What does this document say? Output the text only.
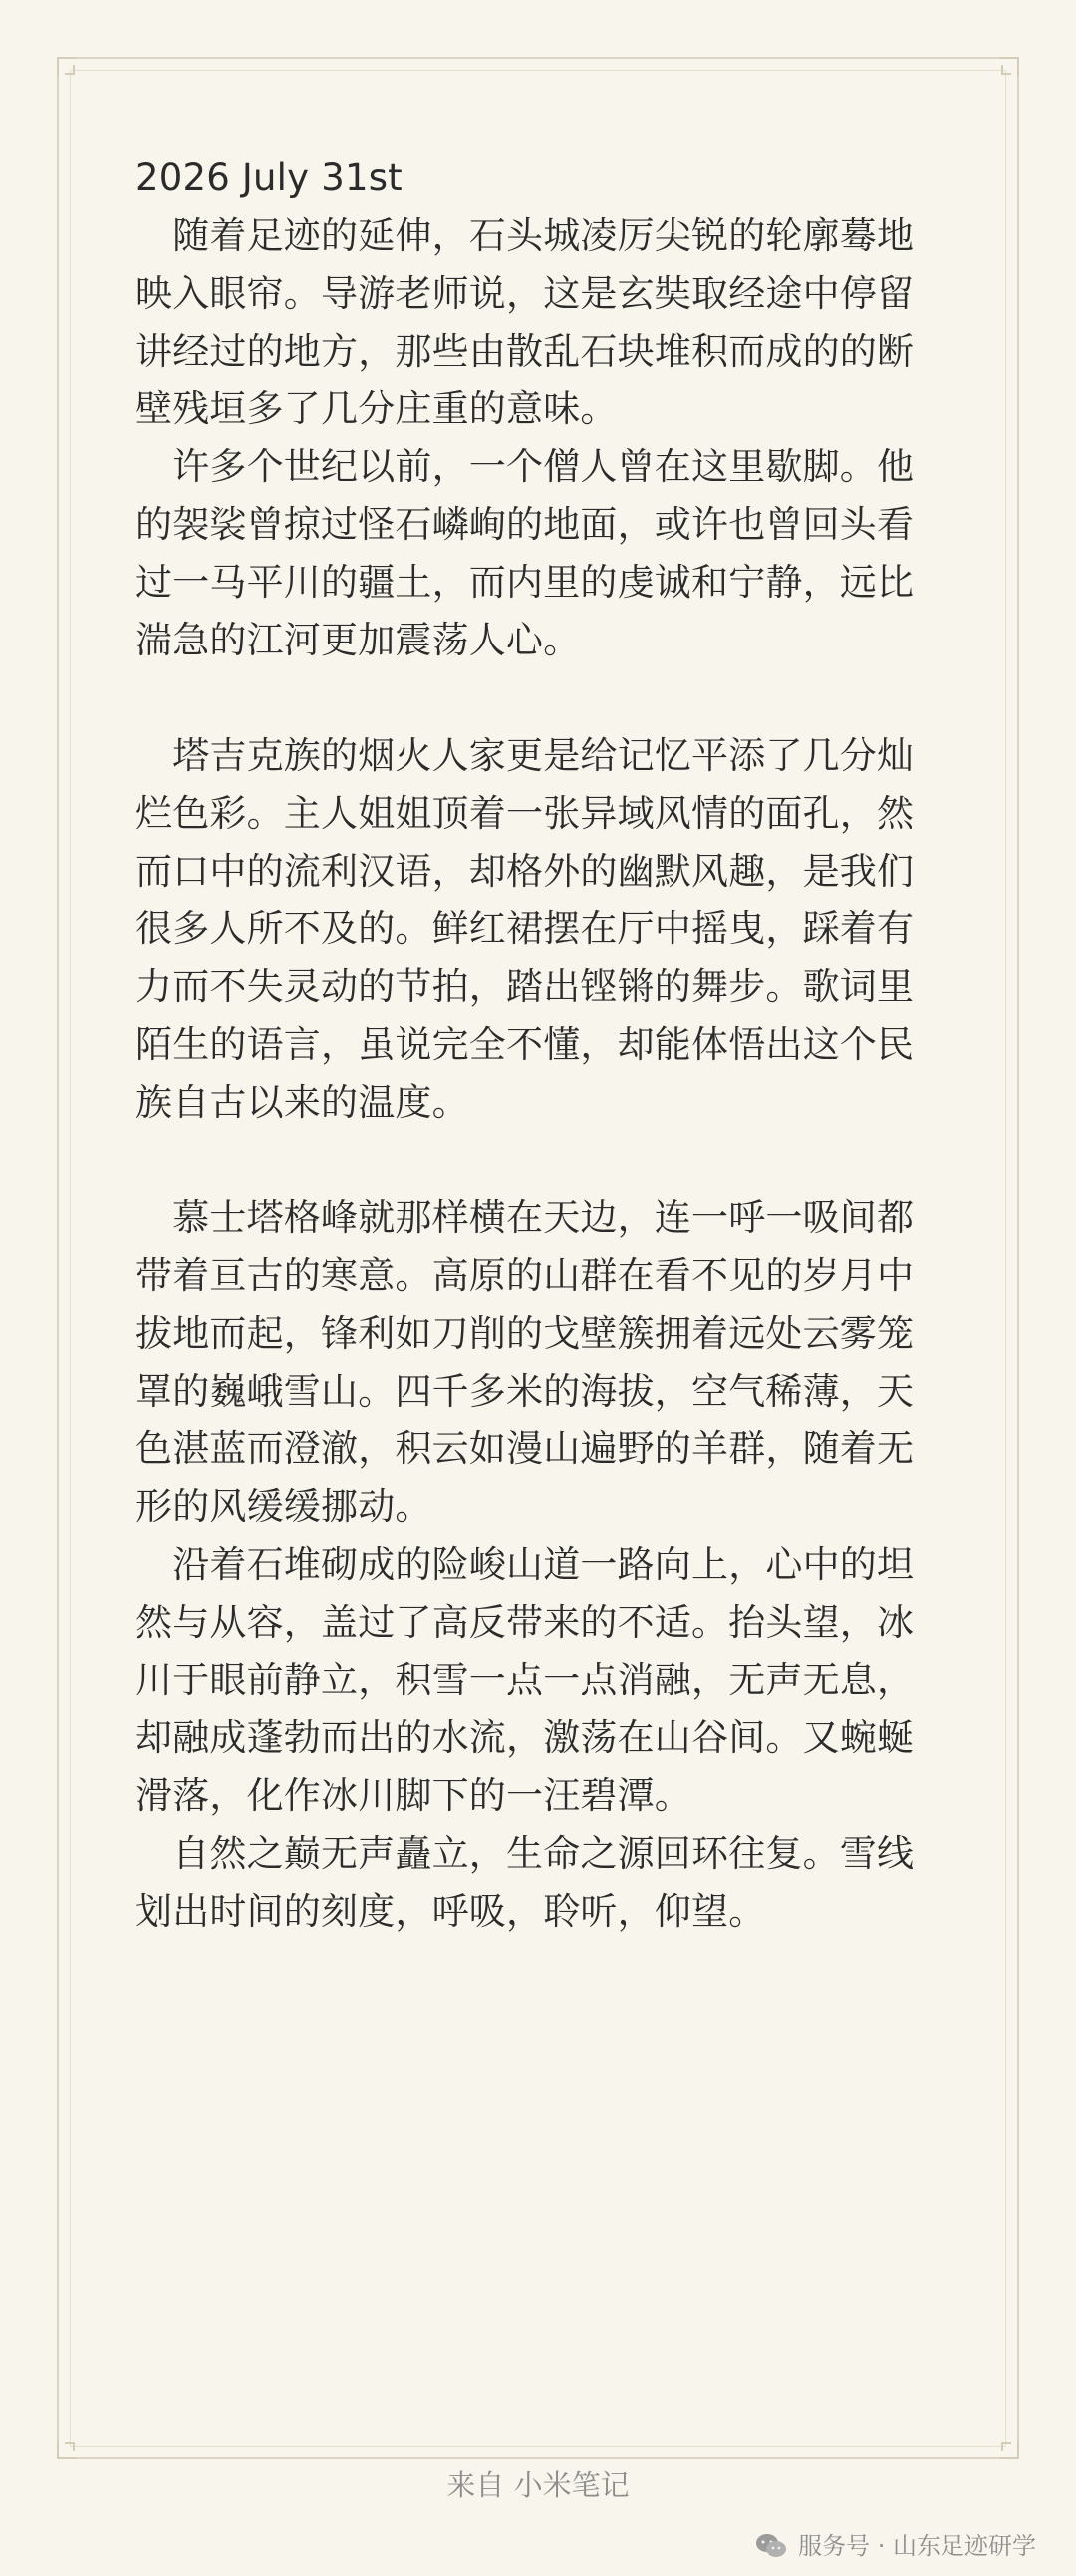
2026 July 31st
　随着足迹的延伸，石头城凌厉尖锐的轮廓蓦地
映入眼帘。导游老师说，这是玄奘取经途中停留
讲经过的地方，那些由散乱石块堆积而成的的断
壁残垣多了几分庄重的意味。
　许多个世纪以前，一个僧人曾在这里歇脚。他
的袈裟曾掠过怪石嶙峋的地面，或许也曾回头看
过一马平川的疆土，而内里的虔诚和宁静，远比
湍急的江河更加震荡人心。
　塔吉克族的烟火人家更是给记忆平添了几分灿
烂色彩。主人姐姐顶着一张异域风情的面孔，然
而口中的流利汉语，却格外的幽默风趣，是我们
很多人所不及的。鲜红裙摆在厅中摇曳，踩着有
力而不失灵动的节拍，踏出铿锵的舞步。歌词里
陌生的语言，虽说完全不懂，却能体悟出这个民
族自古以来的温度。
　慕士塔格峰就那样横在天边，连一呼一吸间都
带着亘古的寒意。高原的山群在看不见的岁月中
拔地而起，锋利如刀削的戈壁簇拥着远处云雾笼
罩的巍峨雪山。四千多米的海拔，空气稀薄，天
色湛蓝而澄澈，积云如漫山遍野的羊群，随着无
形的风缓缓挪动。
　沿着石堆砌成的险峻山道一路向上，心中的坦
然与从容，盖过了高反带来的不适。抬头望，冰
川于眼前静立，积雪一点一点消融，无声无息，
却融成蓬勃而出的水流，激荡在山谷间。又蜿蜒
滑落，化作冰川脚下的一汪碧潭。
　自然之巅无声矗立，生命之源回环往复。雪线
划出时间的刻度，呼吸，聆听，仰望。
来自 小米笔记
服务号 · 山东足迹研学
